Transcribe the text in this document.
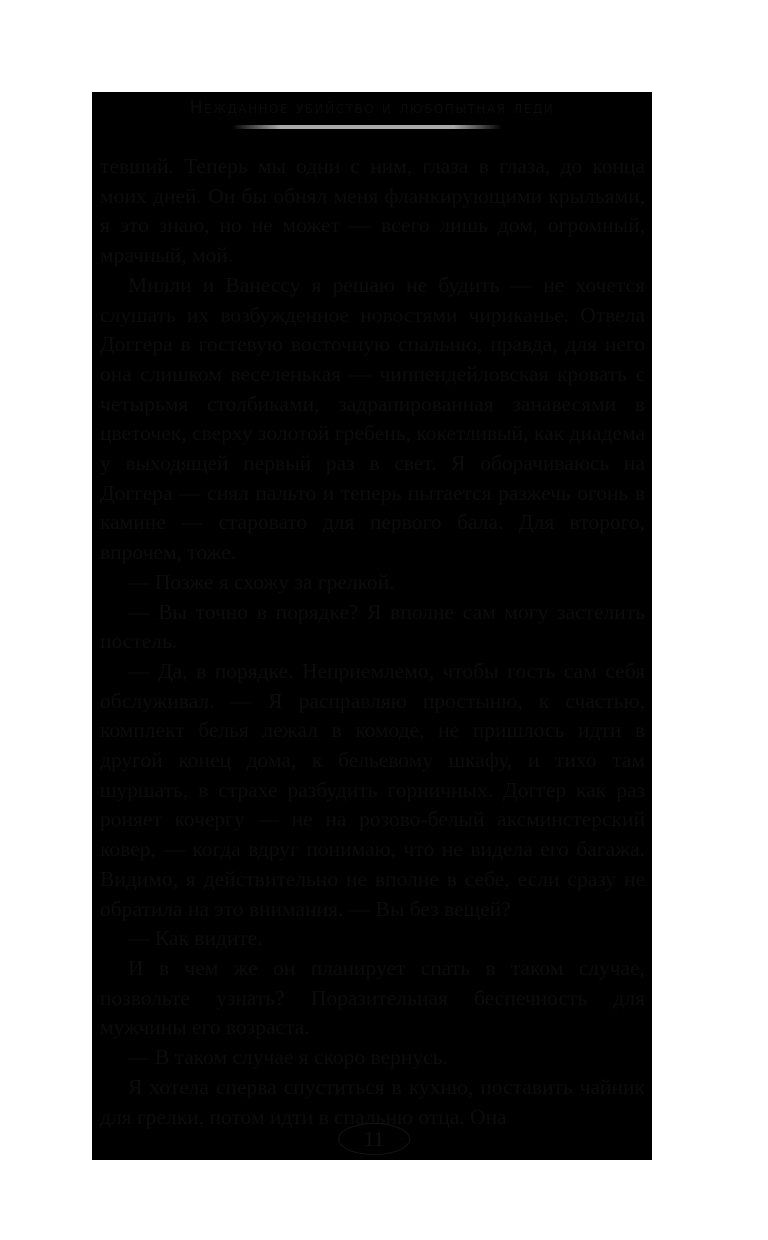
Нежданное убийство и любопытная леди

тевший. Теперь мы одни с ним, глаза в глаза, до конца моих дней. Он бы обнял меня фланкирующими крыльями, я это знаю, но не может — всего лишь дом, огромный, мрачный, мой.

Милли и Ванессу я решаю не будить — не хочется слушать их возбужденное новостями чириканье. Отвела Доггера в гостевую восточную спальню, правда, для него она слишком веселенькая — чиппендейловская кровать с четырьмя столбиками, задрапированная занавесями в цветочек, сверху золотой гребень, кокетливый, как диадема у выходящей первый раз в свет. Я оборачиваюсь на Доггера — снял пальто и теперь пытается разжечь огонь в камине — старовато для первого бала. Для второго, впрочем, тоже.

— Позже я схожу за грелкой.

— Вы точно в порядке? Я вполне сам могу застелить постель.

— Да, в порядке. Неприемлемо, чтобы гость сам себя обслуживал. — Я расправляю простыню, к счастью, комплект белья лежал в комоде, не пришлось идти в другой конец дома, к бельевому шкафу, и тихо там шуршать, в страхе разбудить горничных. Доггер как раз роняет кочергу — не на розово-белый аксминстерский ковер, — когда вдруг понимаю, что не видела его багажа. Видимо, я действительно не вполне в себе, если сразу не обратила на это внимания. — Вы без вещей?

— Как видите.

И в чем же он планирует спать в таком случае, позвольте узнать? Поразительная беспечность для мужчины его возраста.

— В таком случае я скоро вернусь.

Я хотела сперва спуститься в кухню, поставить чайник для грелки, потом идти в спальню отца. Она

11
